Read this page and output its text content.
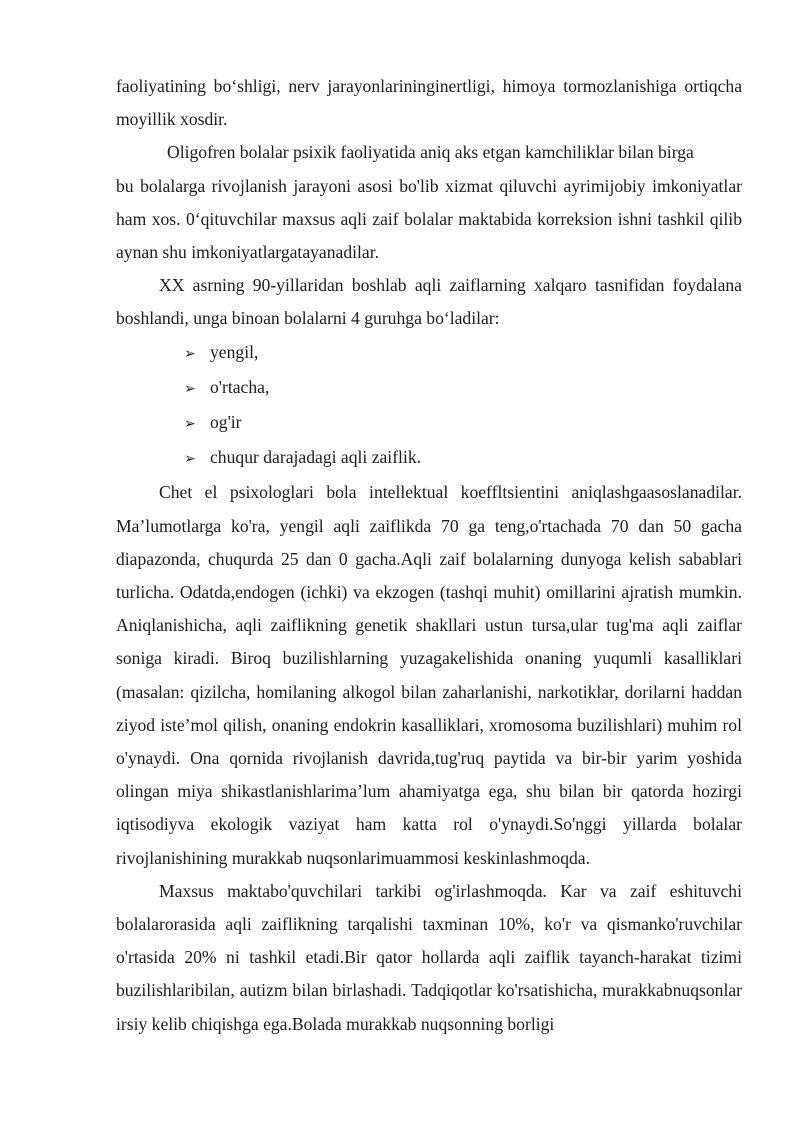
faoliyatining bo‘shligi, nerv jarayonlarininginertligi, himoya tormozlanishiga ortiqcha moyillik xosdir.

Oligofren bolalar psixik faoliyatida aniq aks etgan kamchiliklar bilan birga

bu bolalarga rivojlanish jarayoni asosi bo'lib xizmat qiluvchi ayrimijobiy imkoniyatlar ham xos. 0‘qituvchilar maxsus aqli zaif bolalar maktabida korreksion ishni tashkil qilib aynan shu imkoniyatlargatayanadilar.

XX asrning 90-yillaridan boshlab aqli zaiflarning xalqaro tasnifidan foydalana boshlandi, unga binoan bolalarni 4 guruhga bo‘ladilar:

➢ yengil,
➢ o'rtacha,
➢ og'ir
➢ chuqur darajadagi aqli zaiflik.

Chet el psixologlari bola intellektual koeffltsientini aniqlashgaasoslanadilar. Ma’lumotlarga ko'ra, yengil aqli zaiflikda 70 ga teng,o'rtachada 70 dan 50 gacha diapazonda, chuqurda 25 dan 0 gacha.Aqli zaif bolalarning dunyoga kelish sabablari turlicha. Odatda,endogen (ichki) va ekzogen (tashqi muhit) omillarini ajratish mumkin. Aniqlanishicha, aqli zaiflikning genetik shakllari ustun tursa,ular tug'ma aqli zaiflar soniga kiradi. Biroq buzilishlarning yuzagakelishida onaning yuqumli kasalliklari (masalan: qizilcha, homilaning alkogol bilan zaharlanishi, narkotiklar, dorilarni haddan ziyod iste’mol qilish, onaning endokrin kasalliklari, xromosoma buzilishlari) muhim rol o'ynaydi. Ona qornida rivojlanish davrida,tug'ruq paytida va bir-bir yarim yoshida olingan miya shikastlanishlarima’lum ahamiyatga ega, shu bilan bir qatorda hozirgi iqtisodiyva ekologik vaziyat ham katta rol o'ynaydi.So'nggi yillarda bolalar rivojlanishining murakkab nuqsonlarimuammosi keskinlashmoqda.

Maxsus maktabo'quvchilari tarkibi og'irlashmoqda. Kar va zaif eshituvchi bolalarorasida aqli zaiflikning tarqalishi taxminan 10%, ko'r va qismanko'ruvchilar o'rtasida 20% ni tashkil etadi.Bir qator hollarda aqli zaiflik tayanch-harakat tizimi buzilishlaribilan, autizm bilan birlashadi. Tadqiqotlar ko'rsatishicha, murakkabnuqsonlar irsiy kelib chiqishga ega.Bolada murakkab nuqsonning borligi
